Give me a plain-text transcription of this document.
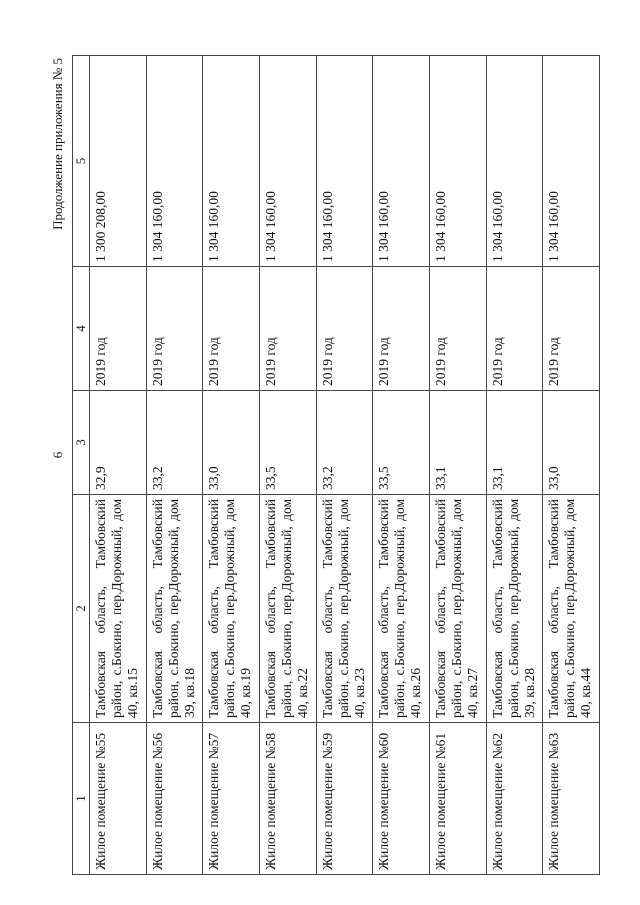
6
Продолжение приложения № 5
1	2	3	4	5
Жилое помещение №55	Тамбовская область, Тамбовский район, с.Бокино, пер.Дорожный, дом 40, кв.15	32,9	2019 год	1 300 208,00
Жилое помещение №56	Тамбовская область, Тамбовский район, с.Бокино, пер.Дорожный, дом 39, кв.18	33,2	2019 год	1 304 160,00
Жилое помещение №57	Тамбовская область, Тамбовский район, с.Бокино, пер.Дорожный, дом 40, кв.19	33,0	2019 год	1 304 160,00
Жилое помещение №58	Тамбовская область, Тамбовский район, с.Бокино, пер.Дорожный, дом 40, кв.22	33,5	2019 год	1 304 160,00
Жилое помещение №59	Тамбовская область, Тамбовский район, с.Бокино, пер.Дорожный, дом 40, кв.23	33,2	2019 год	1 304 160,00
Жилое помещение №60	Тамбовская область, Тамбовский район, с.Бокино, пер.Дорожный, дом 40, кв.26	33,5	2019 год	1 304 160,00
Жилое помещение №61	Тамбовская область, Тамбовский район, с.Бокино, пер.Дорожный, дом 40, кв.27	33,1	2019 год	1 304 160,00
Жилое помещение №62	Тамбовская область, Тамбовский район, с.Бокино, пер.Дорожный, дом 39, кв.28	33,1	2019 год	1 304 160,00
Жилое помещение №63	Тамбовская область, Тамбовский район, с.Бокино, пер.Дорожный, дом 40, кв.44	33,0	2019 год	1 304 160,00
